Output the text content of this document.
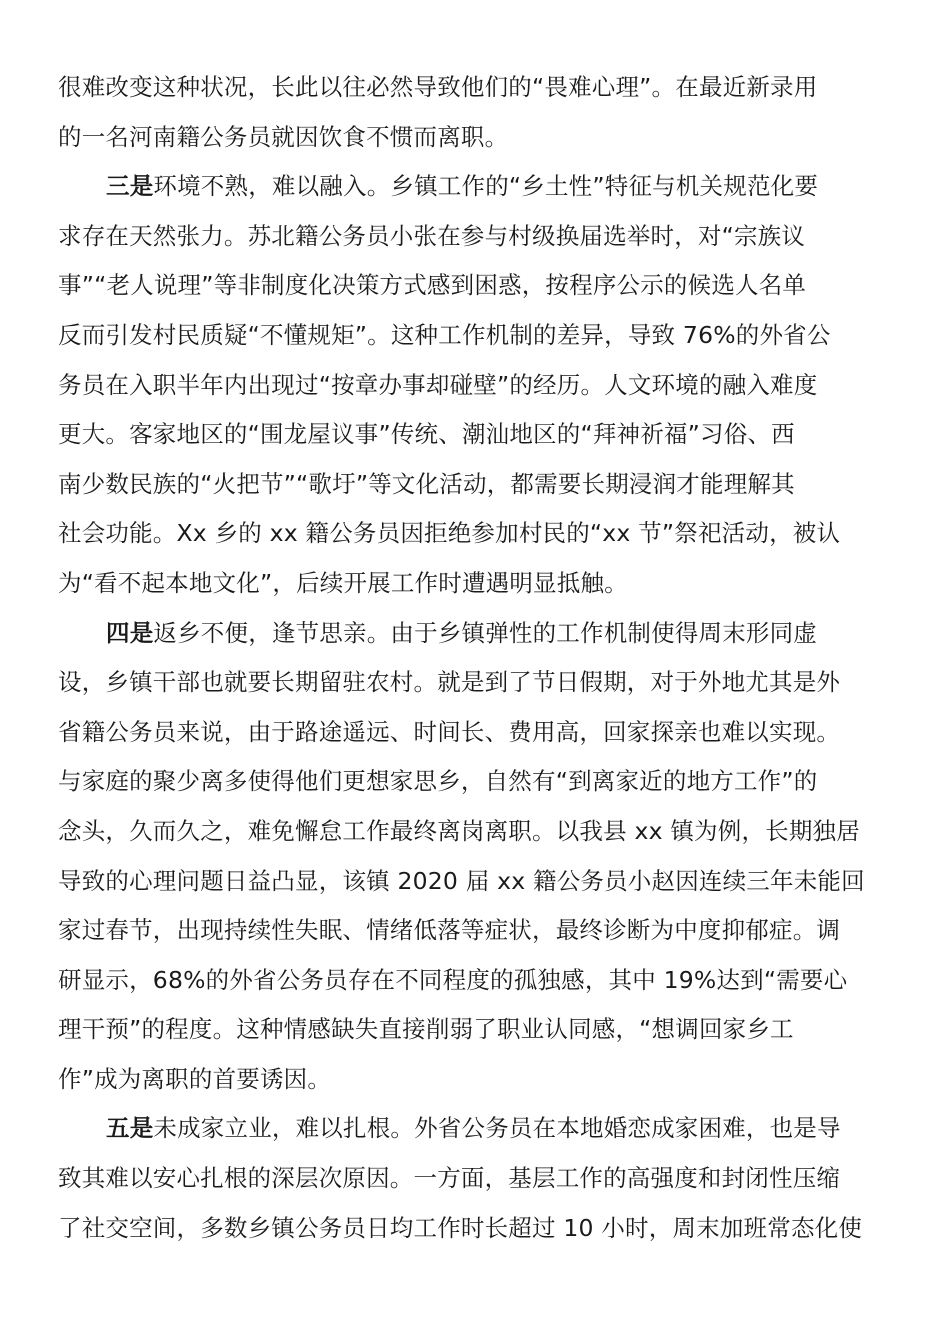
很难改变这种状况，长此以往必然导致他们的“畏难心理”。在最近新录用
的一名河南籍公务员就因饮食不惯而离职。
三是环境不熟，难以融入。乡镇工作的“乡土性”特征与机关规范化要
求存在天然张力。苏北籍公务员小张在参与村级换届选举时，对“宗族议
事”“老人说理”等非制度化决策方式感到困惑，按程序公示的候选人名单
反而引发村民质疑“不懂规矩”。这种工作机制的差异，导致 76%的外省公
务员在入职半年内出现过“按章办事却碰壁”的经历。人文环境的融入难度
更大。客家地区的“围龙屋议事”传统、潮汕地区的“拜神祈福”习俗、西
南少数民族的“火把节”“歌圩”等文化活动，都需要长期浸润才能理解其
社会功能。Xx 乡的 xx 籍公务员因拒绝参加村民的“xx 节”祭祀活动，被认
为“看不起本地文化”，后续开展工作时遭遇明显抵触。
四是返乡不便，逢节思亲。由于乡镇弹性的工作机制使得周末形同虚
设，乡镇干部也就要长期留驻农村。就是到了节日假期，对于外地尤其是外
省籍公务员来说，由于路途遥远、时间长、费用高，回家探亲也难以实现。
与家庭的聚少离多使得他们更想家思乡，自然有“到离家近的地方工作”的
念头，久而久之，难免懈怠工作最终离岗离职。以我县 xx 镇为例，长期独居
导致的心理问题日益凸显，该镇 2020 届 xx 籍公务员小赵因连续三年未能回
家过春节，出现持续性失眠、情绪低落等症状，最终诊断为中度抑郁症。调
研显示，68%的外省公务员存在不同程度的孤独感，其中 19%达到“需要心
理干预”的程度。这种情感缺失直接削弱了职业认同感，“想调回家乡工
作”成为离职的首要诱因。
五是未成家立业，难以扎根。外省公务员在本地婚恋成家困难，也是导
致其难以安心扎根的深层次原因。一方面，基层工作的高强度和封闭性压缩
了社交空间，多数乡镇公务员日均工作时长超过 10 小时，周末加班常态化使
